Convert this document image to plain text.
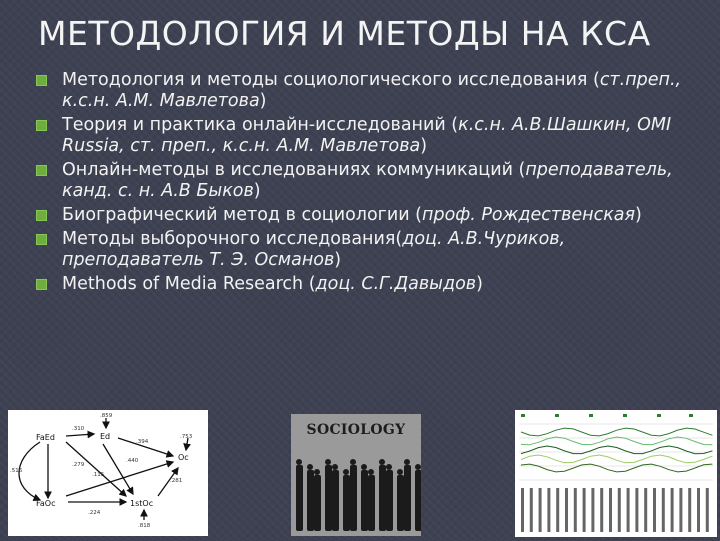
МЕТОДОЛОГИЯ И МЕТОДЫ НА КСА
Методология и методы социологического исследования (ст.преп., к.с.н. А.М. Мавлетова)
Теория и практика онлайн-исследований (к.с.н. А.В.Шашкин, OMI Russia, ст. преп., к.с.н. А.М. Мавлетова)
Онлайн-методы в исследованиях коммуникаций (преподаватель, канд. с. н. А.В Быков)
Биографический метод в социологии (проф. Рождественская)
Методы выборочного исследования(доц. А.В.Чуриков, преподаватель Т. Э. Османов)
Methods of Media Research (доц. С.Г.Давыдов)
FaEd	Ed
Oc
FaOc	1stOc
.859
.310
.394
.115
.279
.440
.281
.224
.818
.753
.516
SOCIOLOGY
